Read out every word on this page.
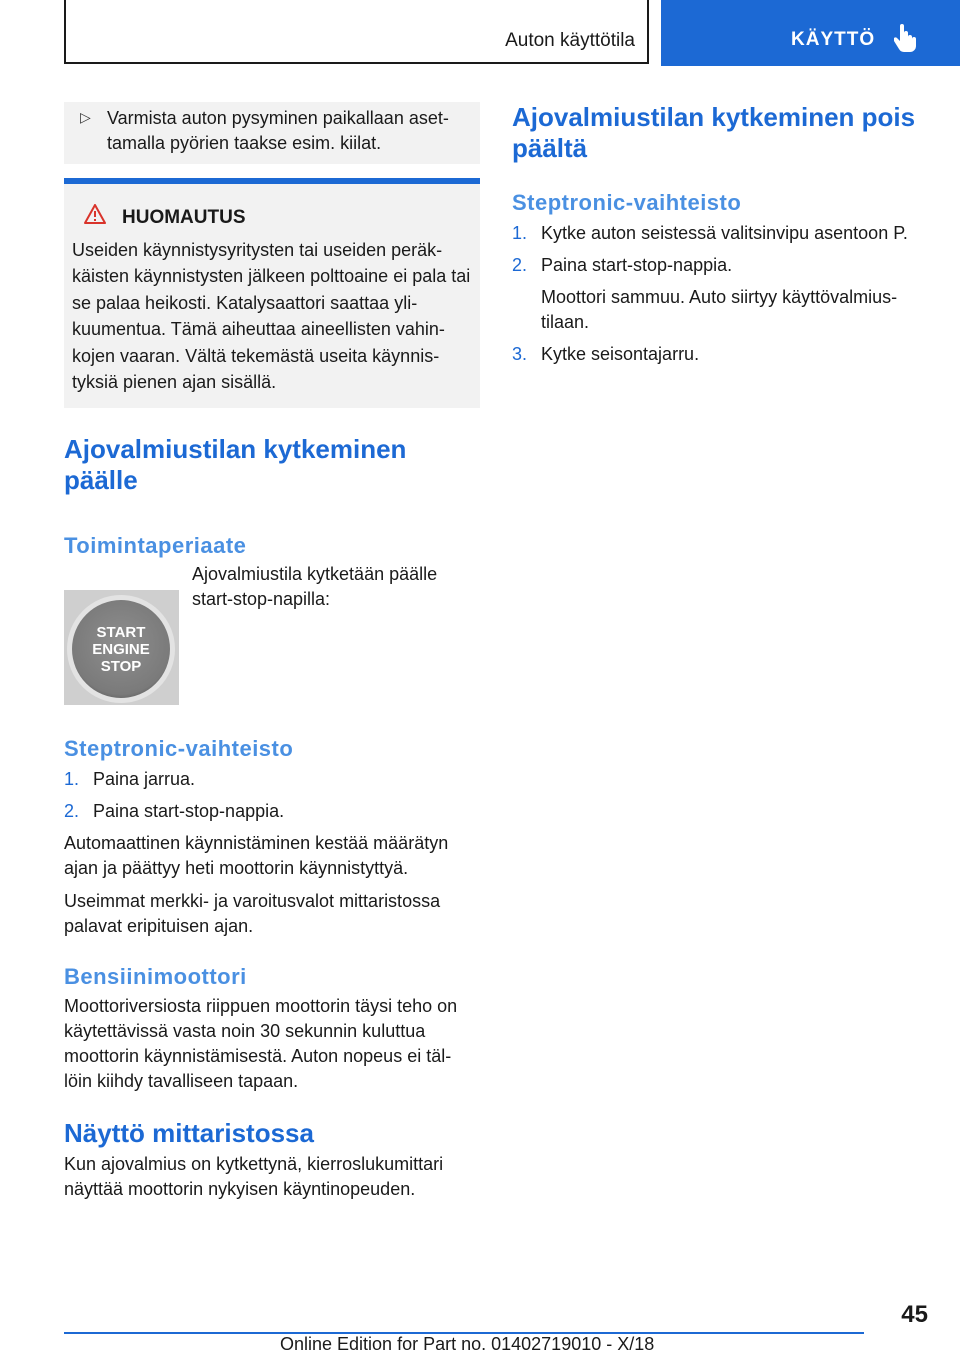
Auton käyttötila	KÄYTTÖ
▷ Varmista auton pysyminen paikallaan aset‐ tamalla pyörien taakse esim. kiilat.
HUOMAUTUS
Useiden käynnistysyritysten tai useiden peräk‐ käisten käynnistysten jälkeen polttoaine ei pala tai se palaa heikosti. Katalysaattori saattaa yli‐ kuumentua. Tämä aiheuttaa aineellisten vahin‐ kojen vaaran. Vältä tekemästä useita käynnis‐ tyksiä pienen ajan sisällä.
Ajovalmiustilan kytkeminen päälle
Toimintaperiaate
START
ENGINE
STOP

Ajovalmiustila kytketään päälle start-stop-napilla:

Steptronic-vaihteisto
1. Paina jarrua.
2. Paina start-stop-nappia.

Automaattinen käynnistäminen kestää määrätyn ajan ja päättyy heti moottorin käynnistyttyä.

Useimmat merkki- ja varoitusvalot mittaristossa palavat eripituisen ajan.

Bensiinimoottori

Moottoriversiosta riippuen moottorin täysi teho on käytettävissä vasta noin 30 sekunnin kuluttua moottorin käynnistämisestä. Auton nopeus ei täl‐ löin kiihdy tavalliseen tapaan.

Näyttö mittaristossa

Kun ajovalmius on kytkettynä, kierroslukumittari näyttää moottorin nykyisen käyntinopeuden.

Ajovalmiustilan kytkeminen pois päältä
Steptronic-vaihteisto
1. Kytke auton seistessä valitsinvipu asentoon P.
2. Paina start-stop-nappia.
Moottori sammuu. Auto siirtyy käyttövalmius‐ tilaan.
3. Kytke seisontajarru.
45
Online Edition for Part no. 01402719010 - X/18
